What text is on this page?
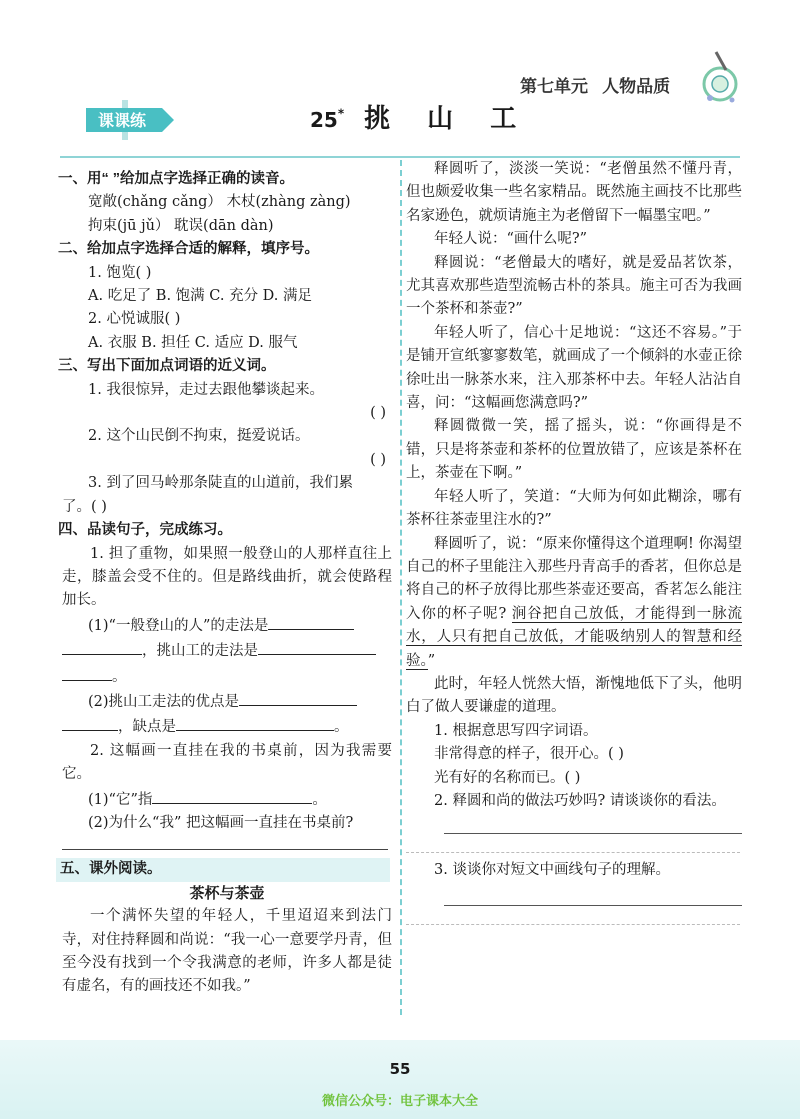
第七单元 人物品质
课课练	25* 挑 山 工
一、用“ ”给加点字选择正确的读音。
宽敞(chǎng cǎng） 木杖(zhàng zàng)
拘束(jū jǔ） 耽误(dān dàn)
二、给加点字选择合适的解释，填序号。
1. 饱览( )
A. 吃足了 B. 饱满 C. 充分 D. 满足
2. 心悦诚服( )
A. 衣服 B. 担任 C. 适应 D. 服气
三、写出下面加点词语的近义词。
1. 我很惊异，走过去跟他攀谈起来。
( )
2. 这个山民倒不拘束，挺爱说话。
( )
3. 到了回马岭那条陡直的山道前，我们累
了。( )
四、品读句子，完成练习。
1. 担了重物，如果照一般登山的人那样直往上走，膝盖会受不住的。但是路线曲折，就会使路程加长。
(1)“一般登山的人”的走法是
，挑山工的走法是
。
(2)挑山工走法的优点是
，缺点是	。
2. 这幅画一直挂在我的书桌前，因为我需要它。
(1)“它”指	。
(2)为什么“我” 把这幅画一直挂在书桌前?
五、课外阅读。
茶杯与茶壶
一个满怀失望的年轻人，千里迢迢来到法门寺，对住持释圆和尚说：“我一心一意要学丹青，但至今没有找到一个令我满意的老师，许多人都是徒有虚名，有的画技还不如我。”
释圆听了，淡淡一笑说：“老僧虽然不懂丹青，但也颇爱收集一些名家精品。既然施主画技不比那些名家逊色，就烦请施主为老僧留下一幅墨宝吧。”
年轻人说：“画什么呢?”
释圆说：“老僧最大的嗜好，就是爱品茗饮茶，尤其喜欢那些造型流畅古朴的茶具。施主可否为我画一个茶杯和茶壶?”
年轻人听了，信心十足地说：“这还不容易。”于是铺开宣纸寥寥数笔，就画成了一个倾斜的水壶正徐徐吐出一脉茶水来，注入那茶杯中去。年轻人沾沾自喜，问：“这幅画您满意吗?”
释圆微微一笑，摇了摇头，说：“你画得是不错，只是将茶壶和茶杯的位置放错了，应该是茶杯在上，茶壶在下啊。”
年轻人听了，笑道：“大师为何如此糊涂，哪有茶杯往茶壶里注水的?”
释圆听了，说：“原来你懂得这个道理啊! 你渴望自己的杯子里能注入那些丹青高手的香茗，但你总是将自己的杯子放得比那些茶壶还要高，香茗怎么能注入你的杯子呢? 涧谷把自己放低，才能得到一脉流水，人只有把自己放低，才能吸纳别人的智慧和经验。”
此时，年轻人恍然大悟，渐愧地低下了头，他明白了做人要谦虚的道理。
1. 根据意思写四字词语。
非常得意的样子，很开心。( )
光有好的名称而已。( )
2. 释圆和尚的做法巧妙吗? 请谈谈你的看法。
3. 谈谈你对短文中画线句子的理解。
55
微信公众号：电子课本大全
